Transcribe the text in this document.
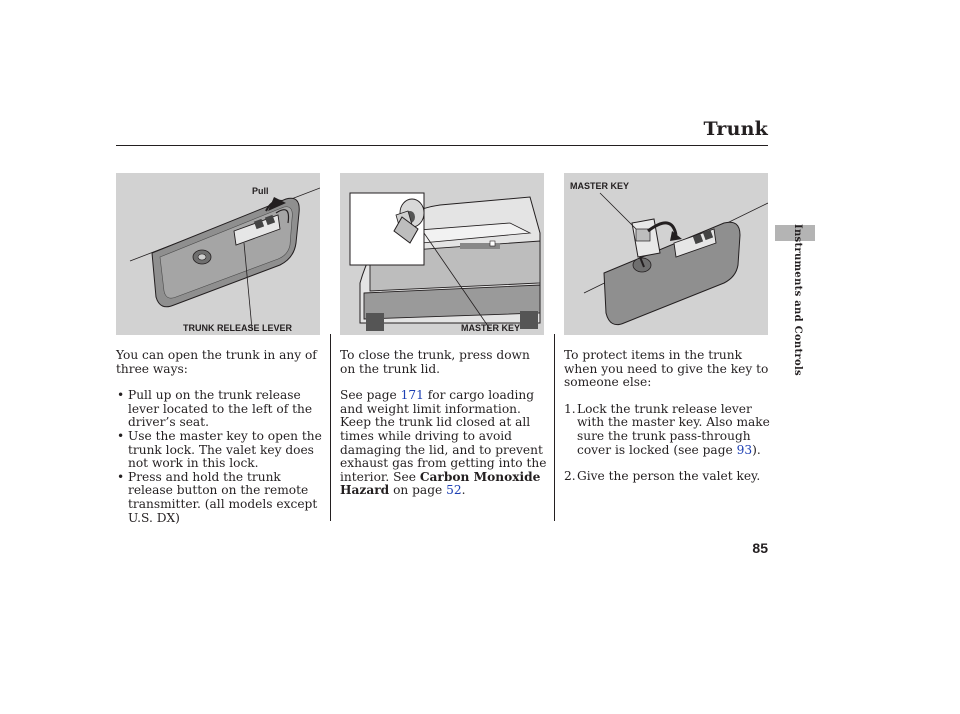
Trunk
Instruments and Controls
Pull
TRUNK RELEASE LEVER	MASTER KEY
MASTER KEY

You can open the trunk in any of three ways:

• Pull up on the trunk release lever located to the left of the driver’s seat.

• Use the master key to open the trunk lock. The valet key does not work in this lock.

• Press and hold the trunk release button on the remote transmitter. (all models except U.S. DX)

To close the trunk, press down on the trunk lid.

See page 171 for cargo loading and weight limit information. Keep the trunk lid closed at all times while driving to avoid damaging the lid, and to prevent exhaust gas from getting into the interior. See Carbon Monoxide Hazard on page 52.

To protect items in the trunk when you need to give the key to someone else:

1. Lock the trunk release lever with the master key. Also make sure the trunk pass-through cover is locked (see page 93).

2. Give the person the valet key.

85
